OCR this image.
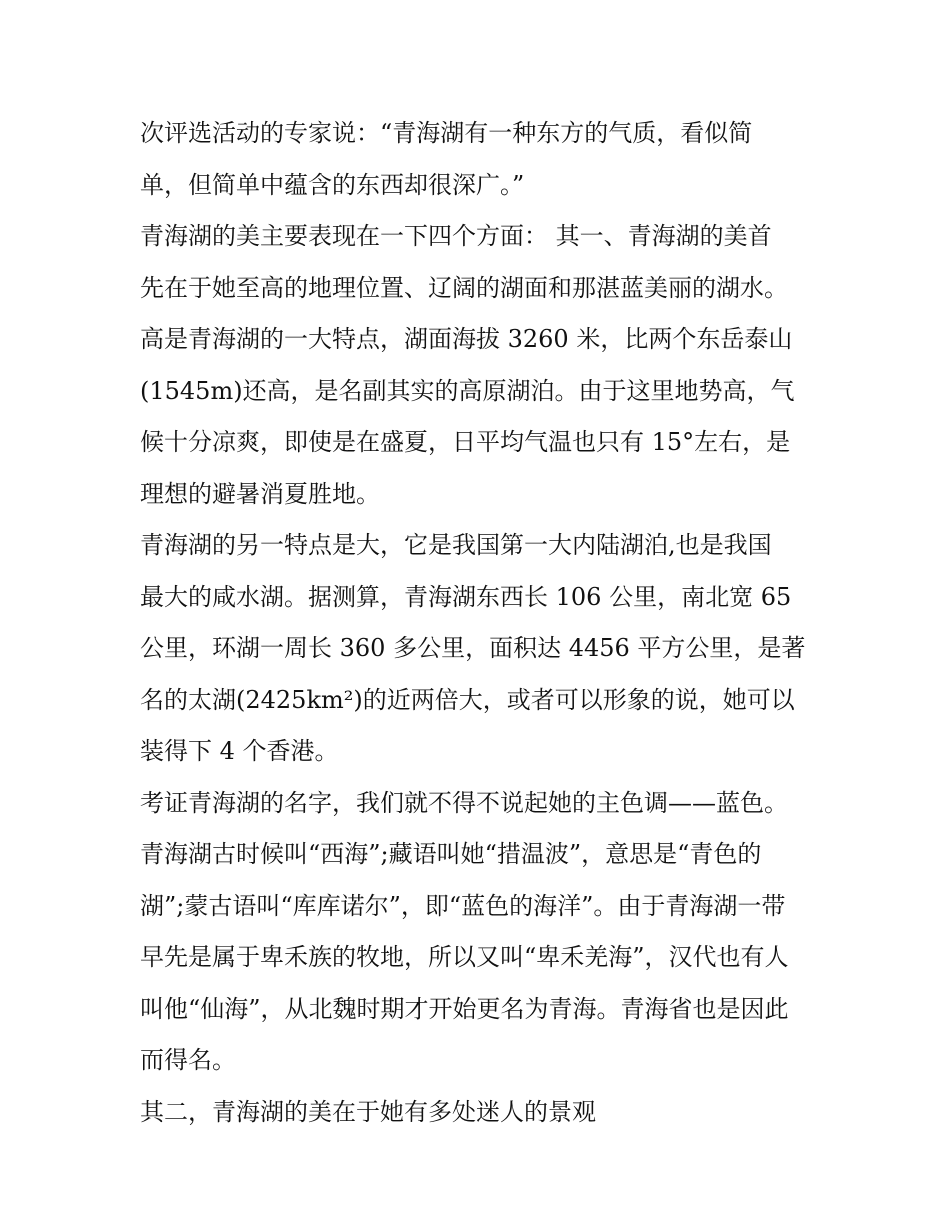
次评选活动的专家说：“青海湖有一种东方的气质，看似简
单，但简单中蕴含的东西却很深广。”
青海湖的美主要表现在一下四个方面： 其一、青海湖的美首
先在于她至高的地理位置、辽阔的湖面和那湛蓝美丽的湖水。
高是青海湖的一大特点，湖面海拔 3260 米，比两个东岳泰山
(1545m)还高，是名副其实的高原湖泊。由于这里地势高，气
候十分凉爽，即使是在盛夏，日平均气温也只有 15°左右，是
理想的避暑消夏胜地。
青海湖的另一特点是大，它是我国第一大内陆湖泊,也是我国
最大的咸水湖。据测算，青海湖东西长 106 公里，南北宽 65
公里，环湖一周长 360 多公里，面积达 4456 平方公里，是著
名的太湖(2425km²)的近两倍大，或者可以形象的说，她可以
装得下 4 个香港。
考证青海湖的名字，我们就不得不说起她的主色调——蓝色。
青海湖古时候叫“西海”;藏语叫她“措温波”，意思是“青色的
湖”;蒙古语叫“库库诺尔”，即“蓝色的海洋”。由于青海湖一带
早先是属于卑禾族的牧地，所以又叫“卑禾羌海”，汉代也有人
叫他“仙海”，从北魏时期才开始更名为青海。青海省也是因此
而得名。
其二，青海湖的美在于她有多处迷人的景观
